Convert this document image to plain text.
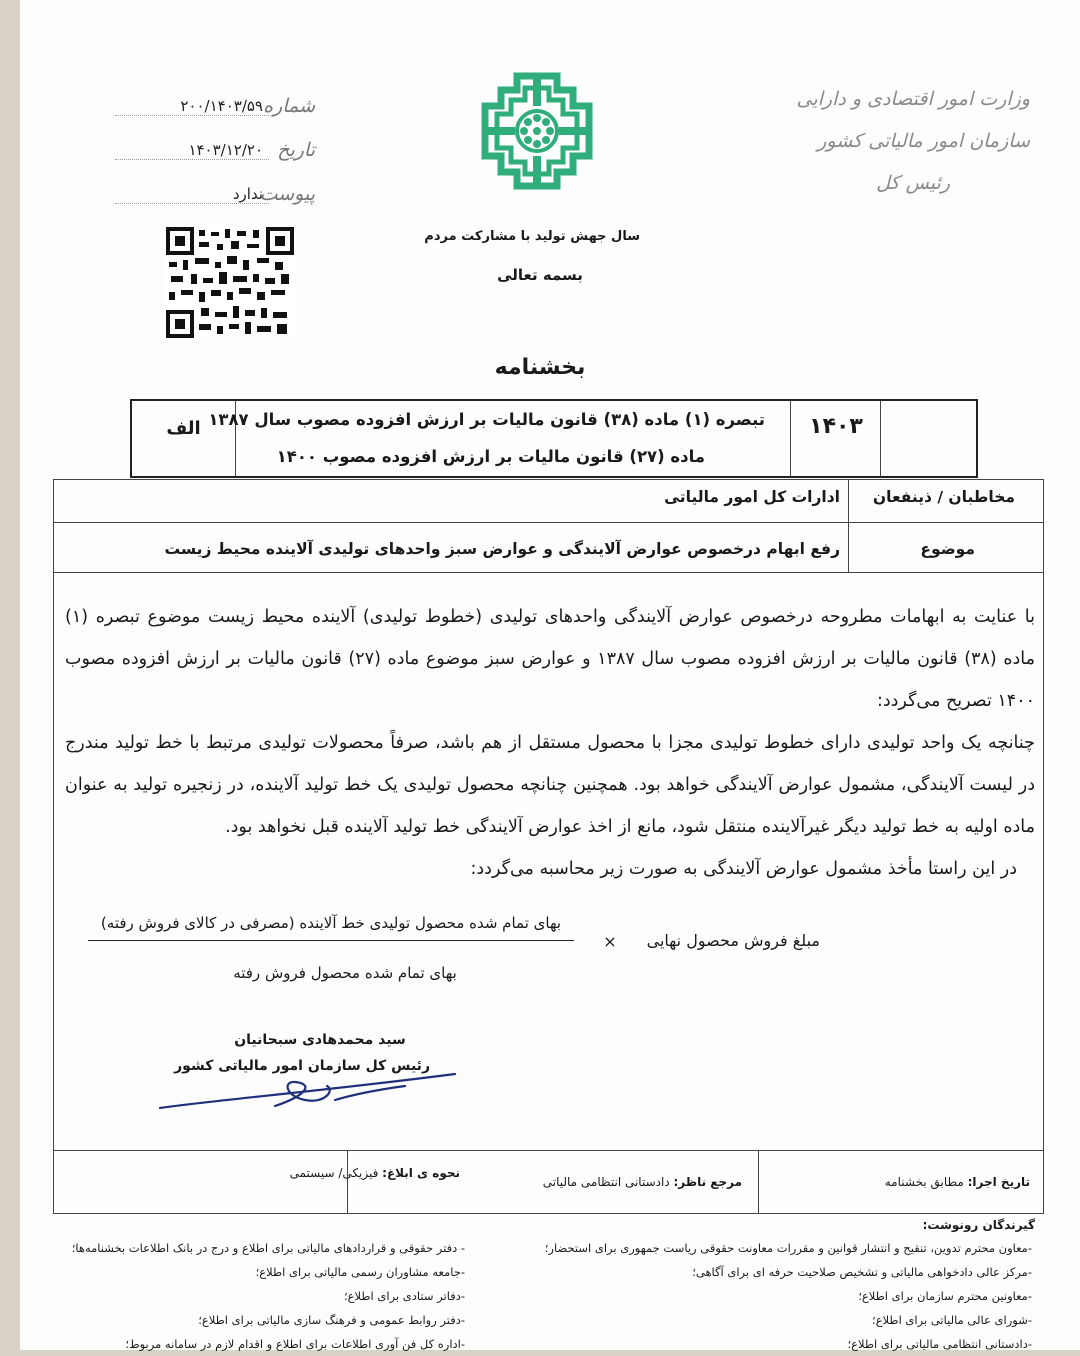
وزارت امور اقتصادی و دارایی
سازمان امور مالیاتی کشور
رئیس کل
شماره
۲۰۰/۱۴۰۳/۵۹
تاریخ
۱۴۰۳/۱۲/۲۰
پیوست
ندارد
سال جهش تولید با مشارکت مردم
بسمه تعالی
بخشنامه
الف تبصره (۱) ماده (۳۸) قانون مالیات بر ارزش افزوده مصوب سال ۱۳۸۷
ماده (۲۷) قانون مالیات بر ارزش افزوده مصوب ۱۴۰۰
۱۴۰۳
مخاطبان / ذینفعان
ادارات کل امور مالیاتی
موضوع
رفع ابهام درخصوص عوارض آلایندگی و عوارض سبز واحدهای تولیدی آلاینده محیط زیست
با عنایت به ابهامات مطروحه درخصوص عوارض آلایندگی واحدهای تولیدی (خطوط تولیدی) آلاینده محیط زیست موضوع تبصره (۱) ماده (۳۸) قانون مالیات بر ارزش افزوده مصوب سال ۱۳۸۷ و عوارض سبز موضوع ماده (۲۷) قانون مالیات بر ارزش افزوده مصوب ۱۴۰۰ تصریح می‌گردد:
چنانچه یک واحد تولیدی دارای خطوط تولیدی مجزا با محصول مستقل از هم باشد، صرفاً محصولات تولیدی مرتبط با خط تولید مندرج در لیست آلایندگی، مشمول عوارض آلایندگی خواهد بود. همچنین چنانچه محصول تولیدی یک خط تولید آلاینده، در زنجیره تولید به عنوان ماده اولیه به خط تولید دیگر غیرآلاینده منتقل شود، مانع از اخذ عوارض آلایندگی خط تولید آلاینده قبل نخواهد بود.
در این راستا مأخذ مشمول عوارض آلایندگی به صورت زیر محاسبه می‌گردد:
مبلغ فروش محصول نهایی
×
بهای تمام شده محصول تولیدی خط آلاینده (مصرفی در کالای فروش رفته)
بهای تمام شده محصول فروش رفته
سید محمدهادی سبحانیان
رئیس کل سازمان امور مالیاتی کشور
تاریخ اجرا: مطابق بخشنامه
مرجع ناظر: دادستانی انتظامی مالیاتی
نحوه ی ابلاغ: فیزیکی/ سیستمی
گیرندگان رونوشت:
-معاون محترم تدوین، تنقیح و انتشار قوانین و مقررات معاونت حقوقی ریاست جمهوری برای استحضار؛
-مرکز عالی دادخواهی مالیاتی و تشخیص صلاحیت حرفه ای برای آگاهی؛
-معاونین محترم سازمان برای اطلاع؛
-شورای عالی مالیاتی برای اطلاع؛
-دادستانی انتظامی مالیاتی برای اطلاع؛
- دفتر حقوقی و قراردادهای مالیاتی برای اطلاع و درج در بانک اطلاعات بخشنامه‌ها؛
-جامعه مشاوران رسمی مالیاتی برای اطلاع؛
-دفاتر ستادی برای اطلاع؛
-دفتر روابط عمومی و فرهنگ سازی مالیاتی برای اطلاع؛
-اداره کل فن آوری اطلاعات برای اطلاع و اقدام لازم در سامانه مربوط؛
